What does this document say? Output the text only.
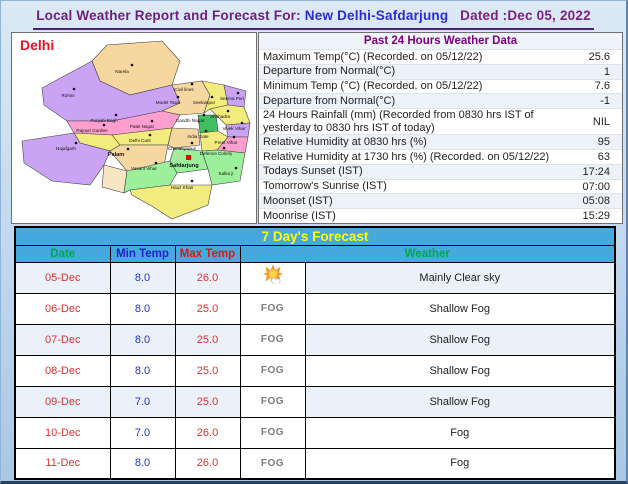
Local Weather Report and Forecast For: New Delhi-Safdarjung Dated :Dec 05, 2022
Delhi
Narela
Rohini
Civil lines
Model Town	Seelampur
Seema Puri
Shahadra
Vivek Vihar
Gandhi Nagar
Preet Vihar
Punjabi Bagh
Patel Nagar
Rajouri Garden
Delhi Cant
India Gate
Najafgarh
Palam
Chanakyapuri
Defence Colony
Vasant Vihar Safdarjung
Kalka ji
Hauz Khas
Past 24 Hours Weather Data
Maximum Temp(°C) (Recorded. on 05/12/22)	25.6
Departure from Normal(°C)	1
Minimum Temp (°C) (Recorded. on 05/12/22)	7.6
Departure from Normal(°C)	-1
24 Hours Rainfall (mm) (Recorded from 0830 hrs IST of yesterday to 0830 hrs IST of today)	NIL
Relative Humidity at 0830 hrs (%)	95
Relative Humidity at 1730 hrs (%) (Recorded. on 05/12/22)	63
Todays Sunset (IST)	17:24
Tomorrow's Sunrise (IST)	07:00
Moonset (IST)	05:08
Moonrise (IST)	15:29
7 Day's Forecast				
Date	Min Temp	Max Temp	Weather	
05-Dec	8.0	26.0		Mainly Clear sky
06-Dec	8.0	25.0	FOG	Shallow Fog
07-Dec	8.0	25.0	FOG	Shallow Fog
08-Dec	8.0	25.0	FOG	Shallow Fog
09-Dec	7.0	25.0	FOG	Shallow Fog
10-Dec	7.0	26.0	FOG	Fog
11-Dec	8.0	26.0	FOG	Fog
